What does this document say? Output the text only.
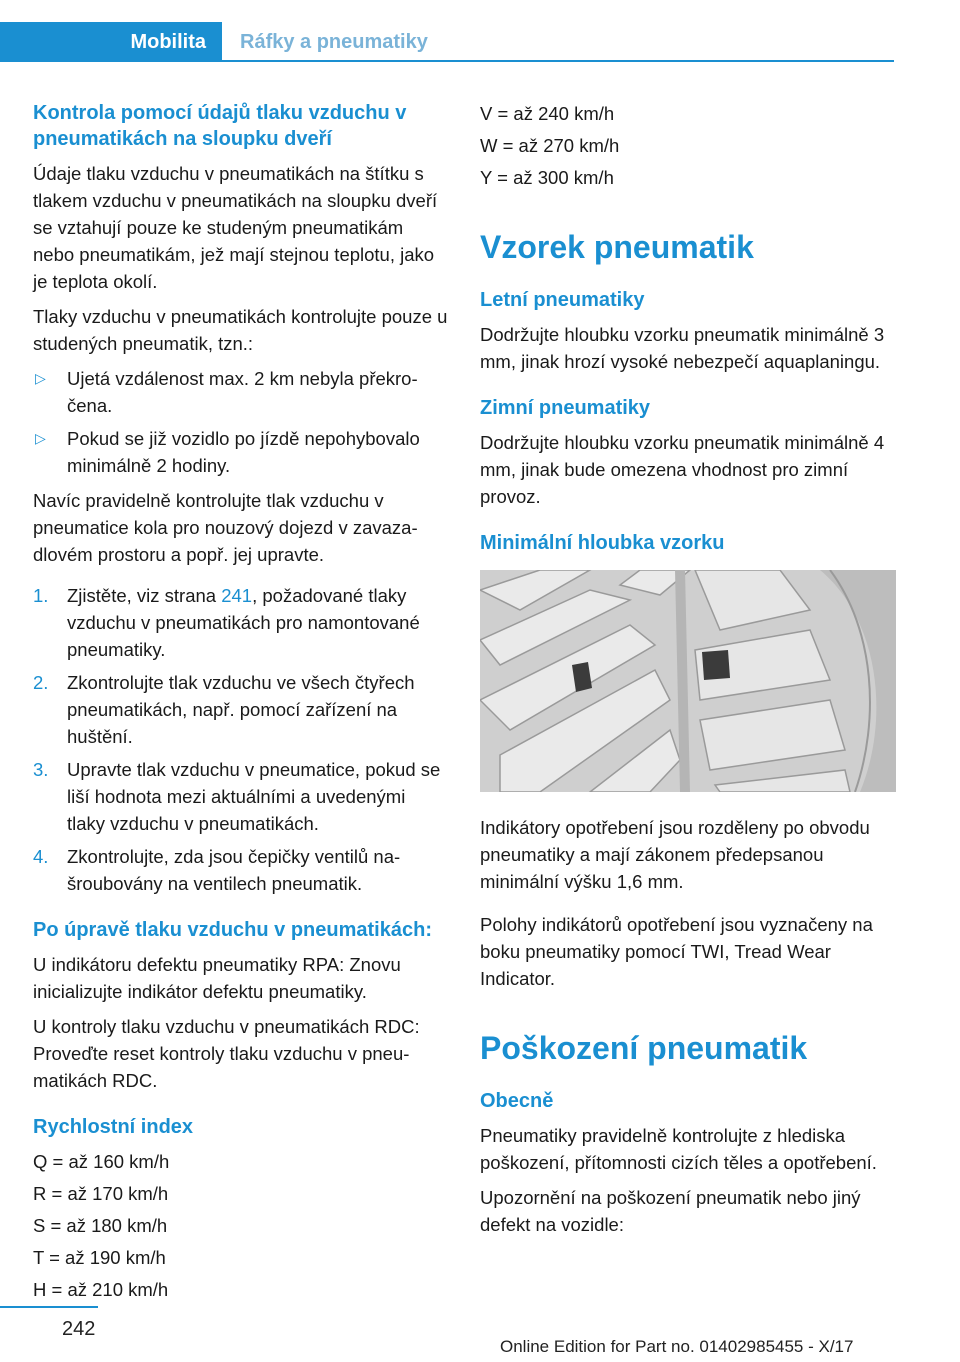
Mobilita	Ráfky a pneumatiky
Kontrola pomocí údajů tlaku vzduchu v pneumatikách na sloupku dveří

Údaje tlaku vzduchu v pneumatikách na štítku s tlakem vzduchu v pneumatikách na sloupku dveří se vztahují pouze ke studeným pneumatikám nebo pneumatikám, jež mají stejnou teplotu, jako je teplota okolí.

Tlaky vzduchu v pneumatikách kontrolujte pouze u studených pneumatik, tzn.:

▷ Ujetá vzdálenost max. 2 km nebyla překročena.
▷ Pokud se již vozidlo po jízdě nepohybovalo minimálně 2 hodiny.

Navíc pravidelně kontrolujte tlak vzduchu v pneumatice kola pro nouzový dojezd v zavazadlovém prostoru a popř. jej upravte.

1. Zjistěte, viz strana 241, požadované tlaky vzduchu v pneumatikách pro namontované pneumatiky.
2. Zkontrolujte tlak vzduchu ve všech čtyřech pneumatikách, např. pomocí zařízení na huštění.
3. Upravte tlak vzduchu v pneumatice, pokud se liší hodnota mezi aktuálními a uvedenými tlaky vzduchu v pneumatikách.
4. Zkontrolujte, zda jsou čepičky ventilů našroubovány na ventilech pneumatik.
Po úpravě tlaku vzduchu v pneumatikách:

U indikátoru defektu pneumatiky RPA: Znovu inicializujte indikátor defektu pneumatiky.

U kontroly tlaku vzduchu v pneumatikách RDC: Proveďte reset kontroly tlaku vzduchu v pneumatikách RDC.

Rychlostní index

Q = až 160 km/h

R = až 170 km/h

S = až 180 km/h

T = až 190 km/h

H = až 210 km/h

V = až 240 km/h

W = až 270 km/h

Y = až 300 km/h

Vzorek pneumatik
Letní pneumatiky

Dodržujte hloubku vzorku pneumatik minimálně 3 mm, jinak hrozí vysoké nebezpečí aquaplaningu.

Zimní pneumatiky

Dodržujte hloubku vzorku pneumatik minimálně 4 mm, jinak bude omezena vhodnost pro zimní provoz.

Minimální hloubka vzorku

Indikátory opotřebení jsou rozděleny po obvodu pneumatiky a mají zákonem předepsanou minimální výšku 1,6 mm.

Polohy indikátorů opotřebení jsou vyznačeny na boku pneumatiky pomocí TWI, Tread Wear Indicator.

Poškození pneumatik
Obecně

Pneumatiky pravidelně kontrolujte z hlediska poškození, přítomnosti cizích těles a opotřebení.

Upozornění na poškození pneumatik nebo jiný defekt na vozidle:

242
Online Edition for Part no. 01402985455 - X/17
